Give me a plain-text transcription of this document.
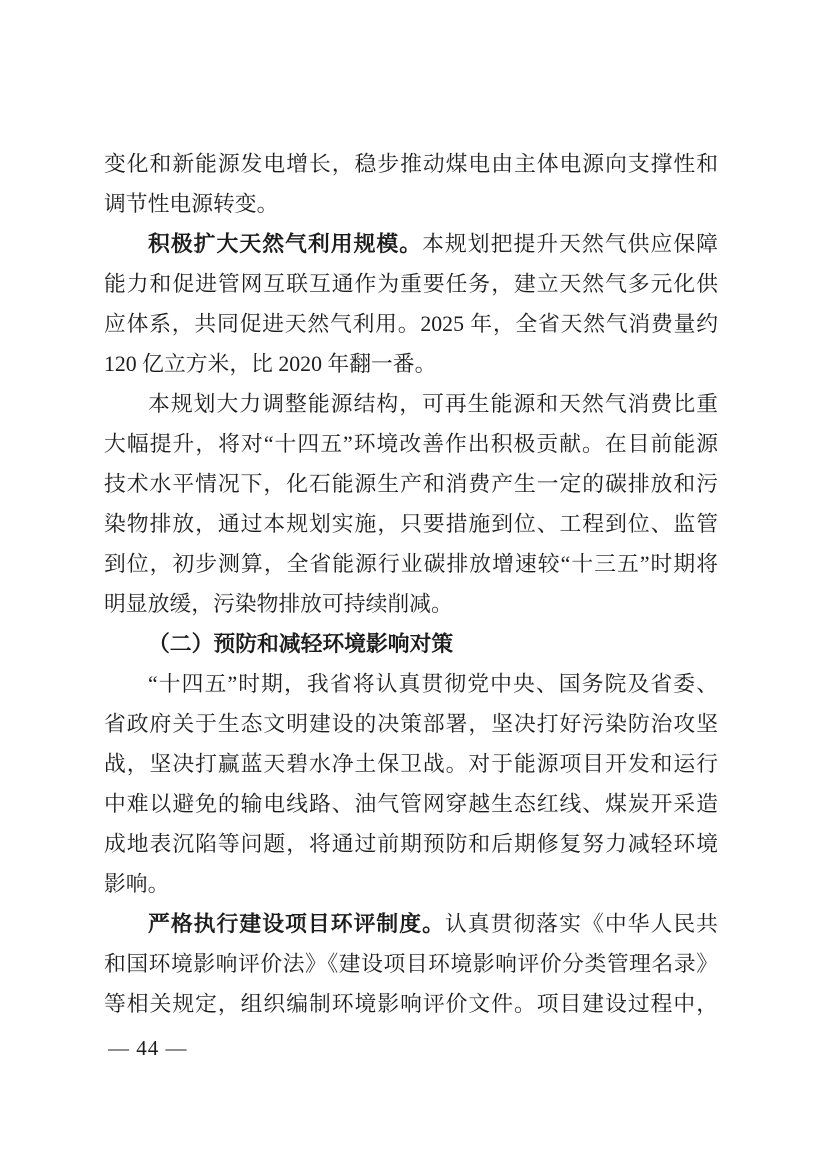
变化和新能源发电增长，稳步推动煤电由主体电源向支撑性和
调节性电源转变。
积极扩大天然气利用规模。本规划把提升天然气供应保障
能力和促进管网互联互通作为重要任务，建立天然气多元化供
应体系，共同促进天然气利用。2025 年，全省天然气消费量约
120 亿立方米，比 2020 年翻一番。
本规划大力调整能源结构，可再生能源和天然气消费比重
大幅提升，将对“十四五”环境改善作出积极贡献。在目前能源
技术水平情况下，化石能源生产和消费产生一定的碳排放和污
染物排放，通过本规划实施，只要措施到位、工程到位、监管
到位，初步测算，全省能源行业碳排放增速较“十三五”时期将
明显放缓，污染物排放可持续削减。
（二）预防和减轻环境影响对策
“十四五”时期，我省将认真贯彻党中央、国务院及省委、
省政府关于生态文明建设的决策部署，坚决打好污染防治攻坚
战，坚决打赢蓝天碧水净土保卫战。对于能源项目开发和运行
中难以避免的输电线路、油气管网穿越生态红线、煤炭开采造
成地表沉陷等问题，将通过前期预防和后期修复努力减轻环境
影响。
严格执行建设项目环评制度。认真贯彻落实《中华人民共
和国环境影响评价法》《建设项目环境影响评价分类管理名录》
等相关规定，组织编制环境影响评价文件。项目建设过程中，
— 44 —
